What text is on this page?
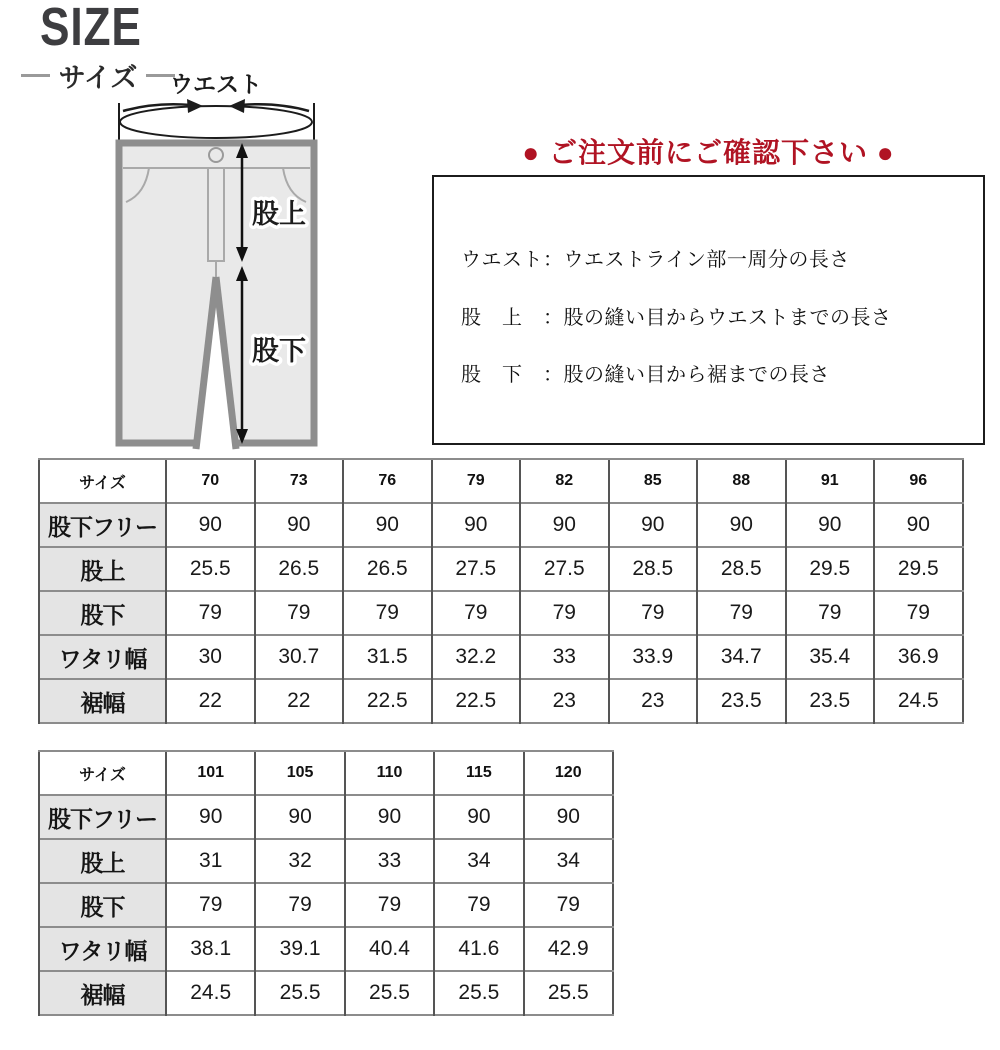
SIZE
サイズ ウエスト
股上
股下
● ご注文前にご確認下さい ●

ウエスト：ウエストライン部一周分の長さ

股　上　：股の縫い目からウエストまでの長さ

股　下　：股の縫い目から裾までの長さ

サイズ	70	73	76	79	82	85	88	91	96
股下フリー	90	90	90	90	90	90	90	90	90
股上	25.5	26.5	26.5	27.5	27.5	28.5	28.5	29.5	29.5
股下	79	79	79	79	79	79	79	79	79
ワタリ幅	30	30.7	31.5	32.2	33	33.9	34.7	35.4	36.9
裾幅	22	22	22.5	22.5	23	23	23.5	23.5	24.5
サイズ	101	105	110	115	120
股下フリー	90	90	90	90	90
股上	31	32	33	34	34
股下	79	79	79	79	79
ワタリ幅	38.1	39.1	40.4	41.6	42.9
裾幅	24.5	25.5	25.5	25.5	25.5
